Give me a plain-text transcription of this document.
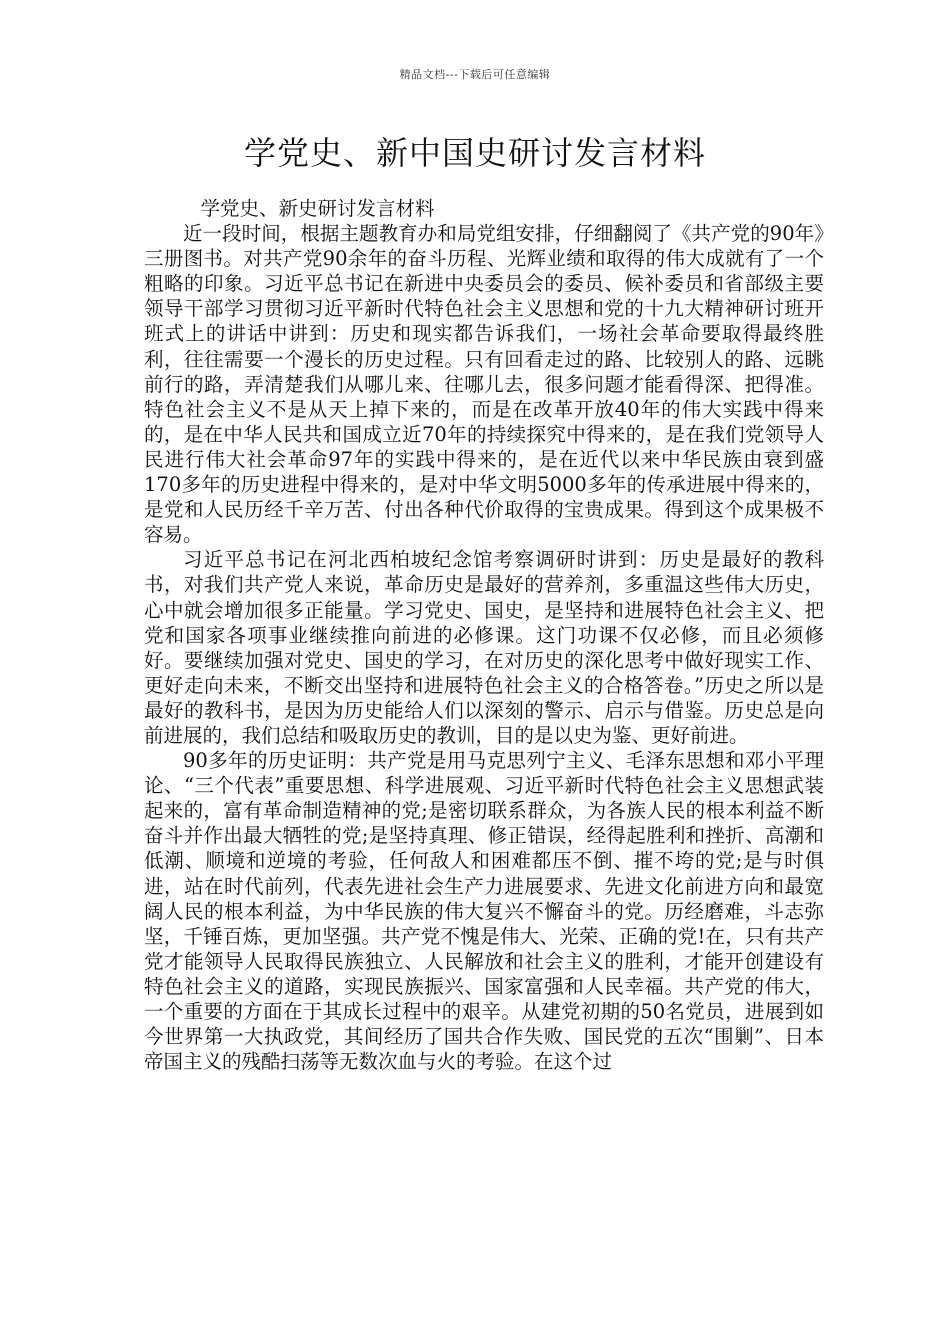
精品文档---下载后可任意编辑
学党史、新中国史研讨发言材料

学党史、新史研讨发言材料

近一段时间，根据主题教育办和局党组安排，仔细翻阅了《共产党的90年》三册图书。对共产党90余年的奋斗历程、光辉业绩和取得的伟大成就有了一个粗略的印象。习近平总书记在新进中央委员会的委员、候补委员和省部级主要领导干部学习贯彻习近平新时代特色社会主义思想和党的十九大精神研讨班开班式上的讲话中讲到：历史和现实都告诉我们，一场社会革命要取得最终胜利，往往需要一个漫长的历史过程。只有回看走过的路、比较别人的路、远眺前行的路，弄清楚我们从哪儿来、往哪儿去，很多问题才能看得深、把得准。特色社会主义不是从天上掉下来的，而是在改革开放40年的伟大实践中得来的，是在中华人民共和国成立近70年的持续探究中得来的，是在我们党领导人民进行伟大社会革命97年的实践中得来的，是在近代以来中华民族由衰到盛170多年的历史进程中得来的，是对中华文明5000多年的传承进展中得来的，是党和人民历经千辛万苦、付出各种代价取得的宝贵成果。得到这个成果极不容易。

习近平总书记在河北西柏坡纪念馆考察调研时讲到：历史是最好的教科书，对我们共产党人来说，革命历史是最好的营养剂，多重温这些伟大历史，心中就会增加很多正能量。学习党史、国史，是坚持和进展特色社会主义、把党和国家各项事业继续推向前进的必修课。这门功课不仅必修，而且必须修好。要继续加强对党史、国史的学习，在对历史的深化思考中做好现实工作、更好走向未来，不断交出坚持和进展特色社会主义的合格答卷。”历史之所以是最好的教科书，是因为历史能给人们以深刻的警示、启示与借鉴。历史总是向前进展的，我们总结和吸取历史的教训，目的是以史为鉴、更好前进。

90多年的历史证明：共产党是用马克思列宁主义、毛泽东思想和邓小平理论、“三个代表”重要思想、科学进展观、习近平新时代特色社会主义思想武装起来的，富有革命制造精神的党;是密切联系群众，为各族人民的根本利益不断奋斗并作出最大牺牲的党;是坚持真理、修正错误，经得起胜利和挫折、高潮和低潮、顺境和逆境的考验，任何敌人和困难都压不倒、摧不垮的党;是与时俱进，站在时代前列，代表先进社会生产力进展要求、先进文化前进方向和最宽阔人民的根本利益，为中华民族的伟大复兴不懈奋斗的党。历经磨难，斗志弥坚，千锤百炼，更加坚强。共产党不愧是伟大、光荣、正确的党!在，只有共产党才能领导人民取得民族独立、人民解放和社会主义的胜利，才能开创建设有特色社会主义的道路，实现民族振兴、国家富强和人民幸福。共产党的伟大，一个重要的方面在于其成长过程中的艰辛。从建党初期的50名党员，进展到如今世界第一大执政党，其间经历了国共合作失败、国民党的五次“围剿”、日本帝国主义的残酷扫荡等无数次血与火的考验。在这个过
